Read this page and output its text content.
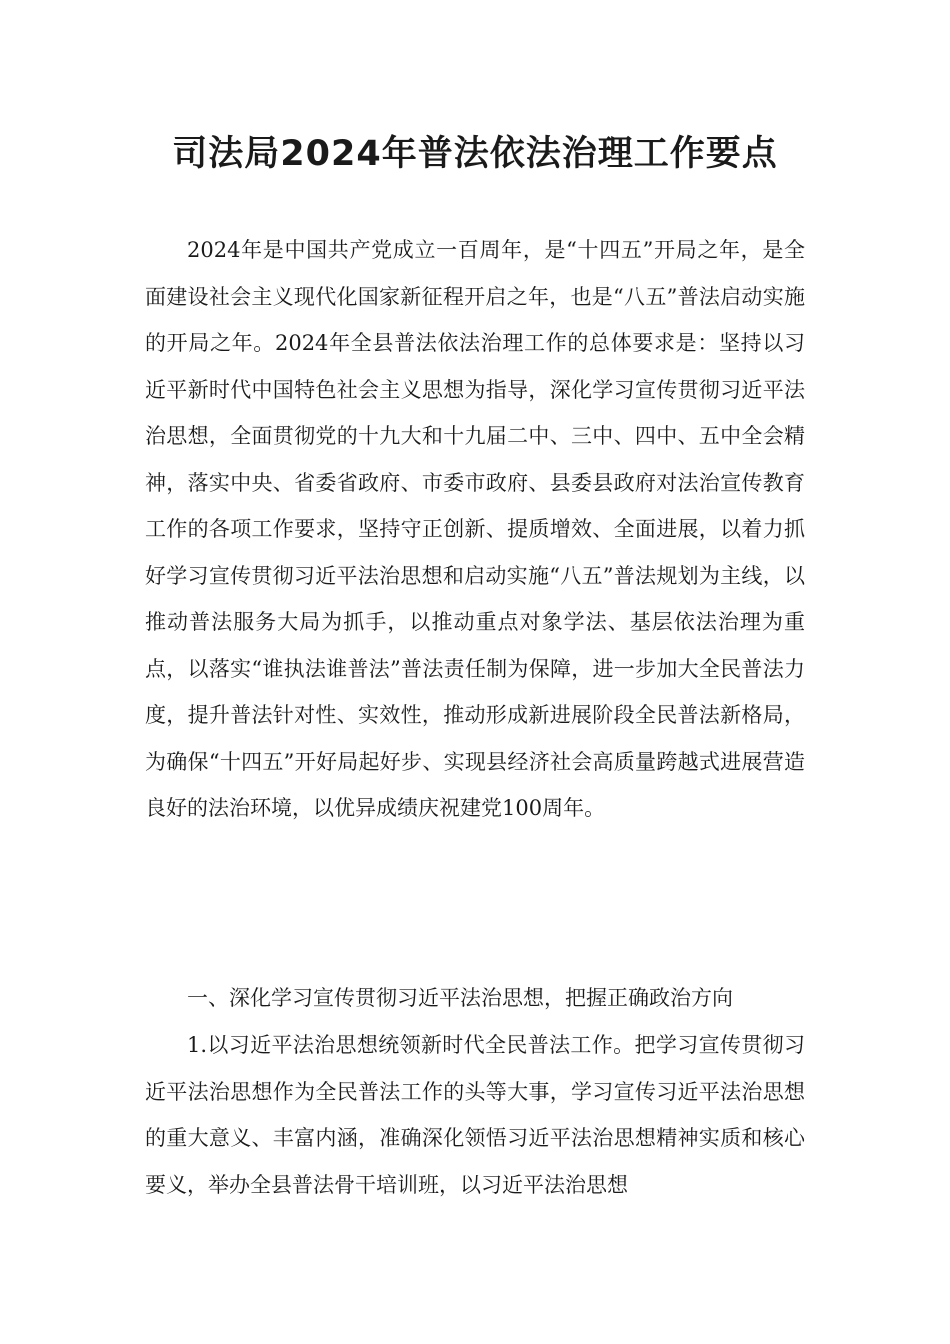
司法局2024年普法依法治理工作要点

2024年是中国共产党成立一百周年，是“十四五”开局之年，是全面建设社会主义现代化国家新征程开启之年，也是“八五”普法启动实施的开局之年。2024年全县普法依法治理工作的总体要求是：坚持以习近平新时代中国特色社会主义思想为指导，深化学习宣传贯彻习近平法治思想，全面贯彻党的十九大和十九届二中、三中、四中、五中全会精神，落实中央、省委省政府、市委市政府、县委县政府对法治宣传教育工作的各项工作要求，坚持守正创新、提质增效、全面进展，以着力抓好学习宣传贯彻习近平法治思想和启动实施“八五”普法规划为主线，以推动普法服务大局为抓手，以推动重点对象学法、基层依法治理为重点，以落实“谁执法谁普法”普法责任制为保障，进一步加大全民普法力度，提升普法针对性、实效性，推动形成新进展阶段全民普法新格局，为确保“十四五”开好局起好步、实现县经济社会高质量跨越式进展营造良好的法治环境，以优异成绩庆祝建党100周年。

一、深化学习宣传贯彻习近平法治思想，把握正确政治方向

1.以习近平法治思想统领新时代全民普法工作。把学习宣传贯彻习近平法治思想作为全民普法工作的头等大事，学习宣传习近平法治思想的重大意义、丰富内涵，准确深化领悟习近平法治思想精神实质和核心要义，举办全县普法骨干培训班，以习近平法治思想
